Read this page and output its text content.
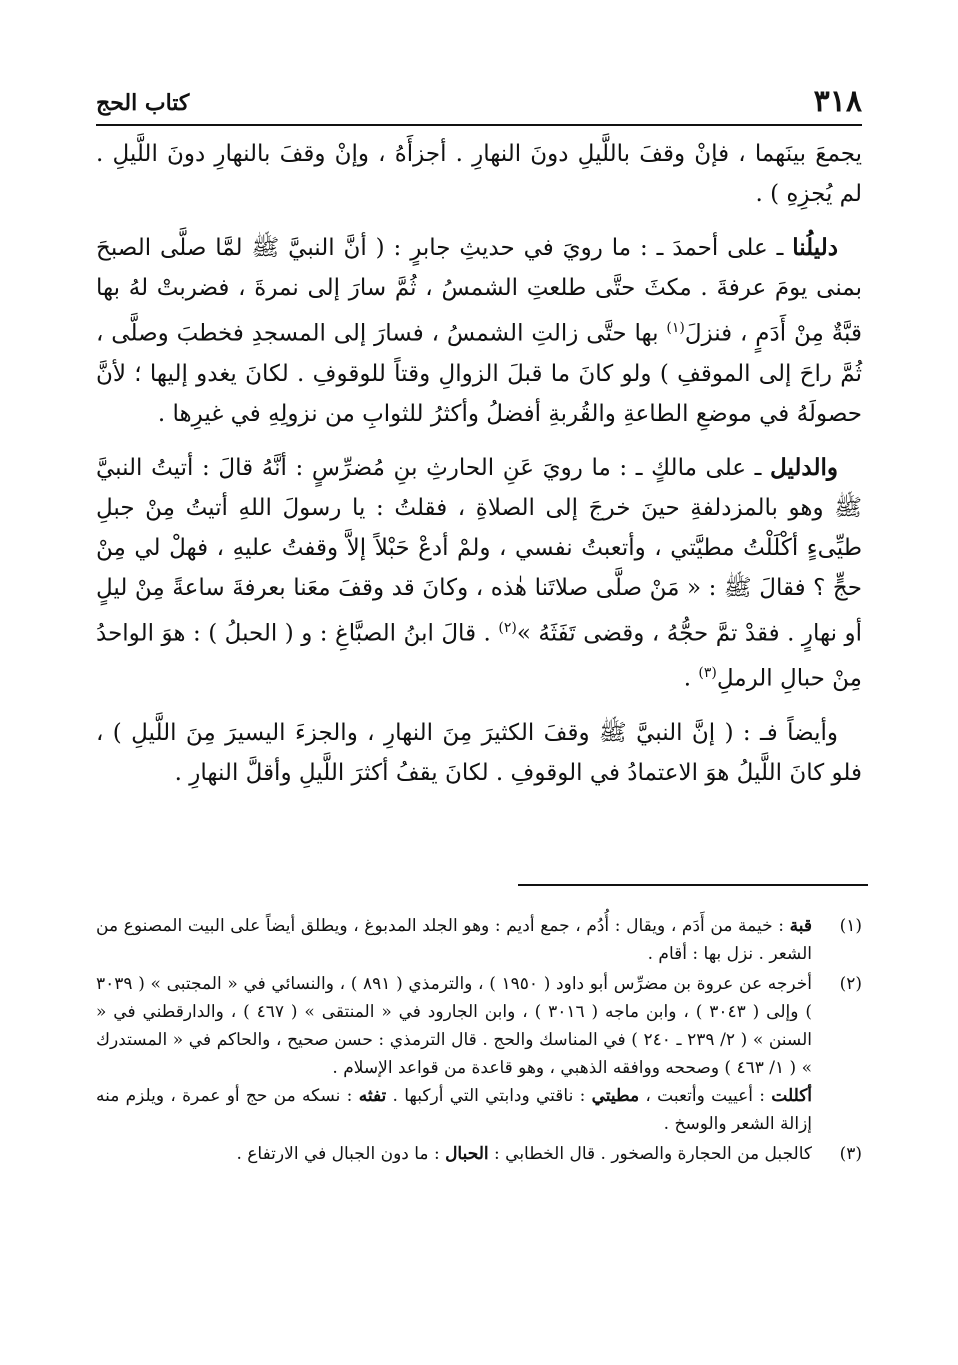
٣١٨
كتاب الحج

يجمعَ بينَهما ، فإنْ وقفَ باللَّيلِ دونَ النهارِ . أجزأَهُ ، وإنْ وقفَ بالنهارِ دونَ اللَّيلِ . لم يُجزِهِ ) .

دليلُنا ـ على أحمدَ ـ : ما رويَ في حديثِ جابرٍ : ( أنَّ النبيَّ ﷺ لمَّا صلَّى الصبحَ بمنى يومَ عرفةَ . مكثَ حتَّى طلعتِ الشمسُ ، ثُمَّ سارَ إلى نمرةَ ، فضربتْ لهُ بها قبَّةٌ مِنْ أَدَمٍ ، فنزلَ$^{(١)}$ بها حتَّى زالتِ الشمسُ ، فسارَ إلى المسجدِ فخطبَ وصلَّى ، ثُمَّ راحَ إلى الموقفِ ) ولو كانَ ما قبلَ الزوالِ وقتاً للوقوفِ . لكانَ يغدو إليها ؛ لأنَّ حصولَهُ في موضعِ الطاعةِ والقُربةِ أفضلُ وأكثرُ للثوابِ من نزولِهِ في غيرِها .

والدليل ـ على مالكٍ ـ : ما رويَ عَنِ الحارثِ بنِ مُضرِّسٍ : أنَّهُ قالَ : أتيتُ النبيَّ ﷺ وهو بالمزدلفةِ حينَ خرجَ إلى الصلاةِ ، فقلتُ : يا رسولَ اللهِ أتيتُ مِنْ جبلِ طيِّىءٍ أكْلَلْتُ مطيَّتي ، وأتعبتُ نفسي ، ولمْ أدعْ حَبْلاً إلاَّ وقفتُ عليهِ ، فهلْ لي مِنْ حجٍّ ؟ فقالَ ﷺ : « مَنْ صلَّى صلاتَنا هٰذه ، وكانَ قد وقفَ معَنا بعرفةَ ساعةً مِنْ ليلٍ أو نهارٍ . فقدْ تمَّ حجُّهُ ، وقضى تَفَثَهُ »$^{(٢)}$ . قالَ ابنُ الصبَّاغِ : و ( الحبلُ ) : هوَ الواحدُ مِنْ حبالِ الرملِ$^{(٣)}$ .

وأيضاً فـ : ( إنَّ النبيَّ ﷺ وقفَ الكثيرَ مِنَ النهارِ ، والجزءَ اليسيرَ مِنَ اللَّيلِ ) ، فلو كانَ اللَّيلُ هوَ الاعتمادُ في الوقوفِ . لكانَ يقفُ أكثرَ اللَّيلِ وأقلَّ النهارِ .

(١)
قبة : خيمة من أَدَم ، ويقال : أُدُم ، جمع أديم : وهو الجلد المدبوغ ، ويطلق أيضاً على البيت المصنوع من الشعر . نزل بها : أقام .
(٢)
أخرجه عن عروة بن مضرِّس أبو داود ( ١٩٥٠ ) ، والترمذي ( ٨٩١ ) ، والنسائي في « المجتبى » ( ٣٠٣٩ ) وإلى ( ٣٠٤٣ ) ، وابن ماجه ( ٣٠١٦ ) ، وابن الجارود في « المنتقى » ( ٤٦٧ ) ، والدارقطني في « السنن » ( ٢/ ٢٣٩ ـ ٢٤٠ ) في المناسك والحج . قال الترمذي : حسن صحيح ، والحاكم في « المستدرك » ( ١/ ٤٦٣ ) وصححه ووافقه الذهبي ، وهو قاعدة من قواعد الإسلام .
أكللت : أعييت وأتعبت ، مطيتي : ناقتي ودابتي التي أركبها . تفثه : نسكه من حج أو عمرة ، ويلزم منه إزالة الشعر والوسخ .
(٣)
كالجبل من الحجارة والصخور . قال الخطابي : الحبال : ما دون الجبال في الارتفاع .
